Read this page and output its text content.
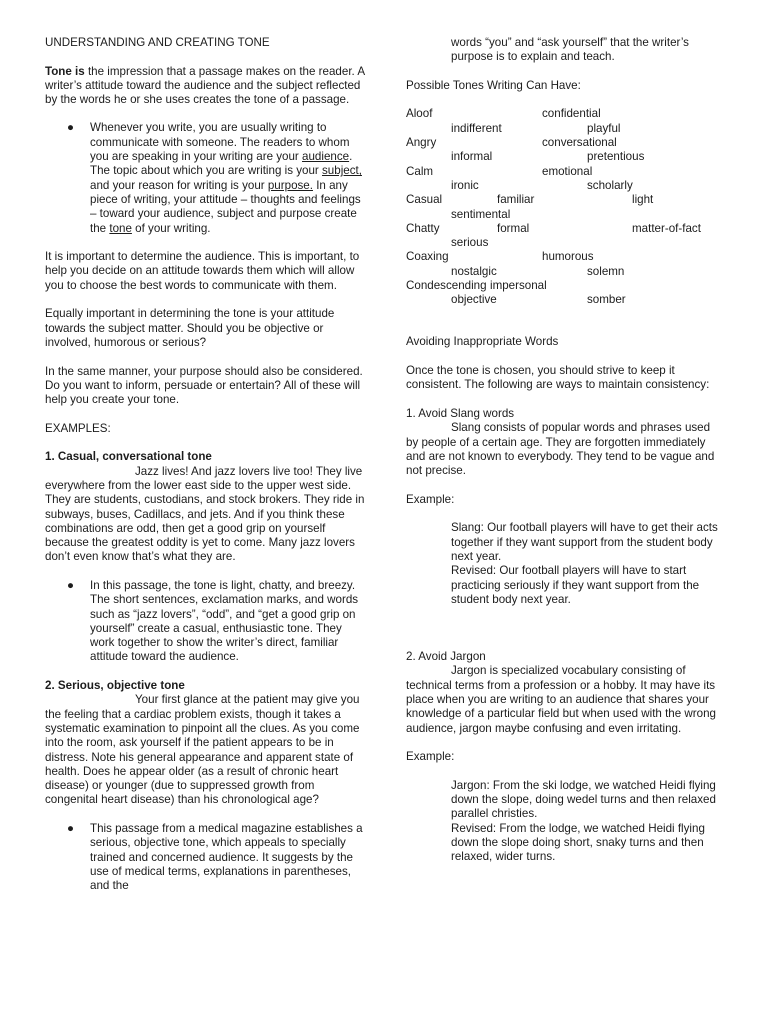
UNDERSTANDING AND CREATING TONE

Tone is the impression that a passage makes on the reader. A writer’s attitude toward the audience and the subject reflected by the words he or she uses creates the tone of a passage.

● Whenever you write, you are usually writing to communicate with someone. The readers to whom you are speaking in your writing are your audience. The topic about which you are writing is your subject, and your reason for writing is your purpose. In any piece of writing, your attitude – thoughts and feelings – toward your audience, subject and purpose create the tone of your writing.

It is important to determine the audience. This is important, to help you decide on an attitude towards them which will allow you to choose the best words to communicate with them.

Equally important in determining the tone is your attitude towards the subject matter. Should you be objective or involved, humorous or serious?

In the same manner, your purpose should also be considered. Do you want to inform, persuade or entertain? All of these will help you create your tone.

EXAMPLES:

1. Casual, conversational tone

Jazz lives! And jazz lovers live too! They live everywhere from the lower east side to the upper west side. They are students, custodians, and stock brokers. They ride in subways, buses, Cadillacs, and jets. And if you think these combinations are odd, then get a good grip on yourself because the greatest oddity is yet to come. Many jazz lovers don’t even know that’s what they are.

● In this passage, the tone is light, chatty, and breezy. The short sentences, exclamation marks, and words such as “jazz lovers”, “odd”, and “get a good grip on yourself” create a casual, enthusiastic tone. They work together to show the writer’s direct, familiar attitude toward the audience.

2. Serious, objective tone

Your first glance at the patient may give you the feeling that a cardiac problem exists, though it takes a systematic examination to pinpoint all the clues. As you come into the room, ask yourself if the patient appears to be in distress. Note his general appearance and apparent state of health. Does he appear older (as a result of chronic heart disease) or younger (due to suppressed growth from congenital heart disease) than his chronological age?

● This passage from a medical magazine establishes a serious, objective tone, which appeals to specially trained and concerned audience. It suggests by the use of medical terms, explanations in parentheses, and the

words “you” and “ask yourself” that the writer’s purpose is to explain and teach.

Possible Tones Writing Can Have:

Aloof	confidential
indifferent	playful
Angry	conversational
informal	pretentious
Calm	emotional
ironic	scholarly
Casual	familiar	light
sentimental
Chatty	formal	matter-of-fact
serious
Coaxing	humorous
nostalgic	solemn
Condescending impersonal
objective	somber

Avoiding Inappropriate Words

Once the tone is chosen, you should strive to keep it consistent. The following are ways to maintain consistency:

1. Avoid Slang words

Slang consists of popular words and phrases used by people of a certain age. They are forgotten immediately and are not known to everybody. They tend to be vague and not precise.

Example:

Slang: Our football players will have to get their acts together if they want support from the student body next year.

Revised: Our football players will have to start practicing seriously if they want support from the student body next year.

2. Avoid Jargon

Jargon is specialized vocabulary consisting of technical terms from a profession or a hobby. It may have its place when you are writing to an audience that shares your knowledge of a particular field but when used with the wrong audience, jargon maybe confusing and even irritating.

Example:

Jargon: From the ski lodge, we watched Heidi flying down the slope, doing wedel turns and then relaxed parallel christies.

Revised: From the lodge, we watched Heidi flying down the slope doing short, snaky turns and then relaxed, wider turns.
